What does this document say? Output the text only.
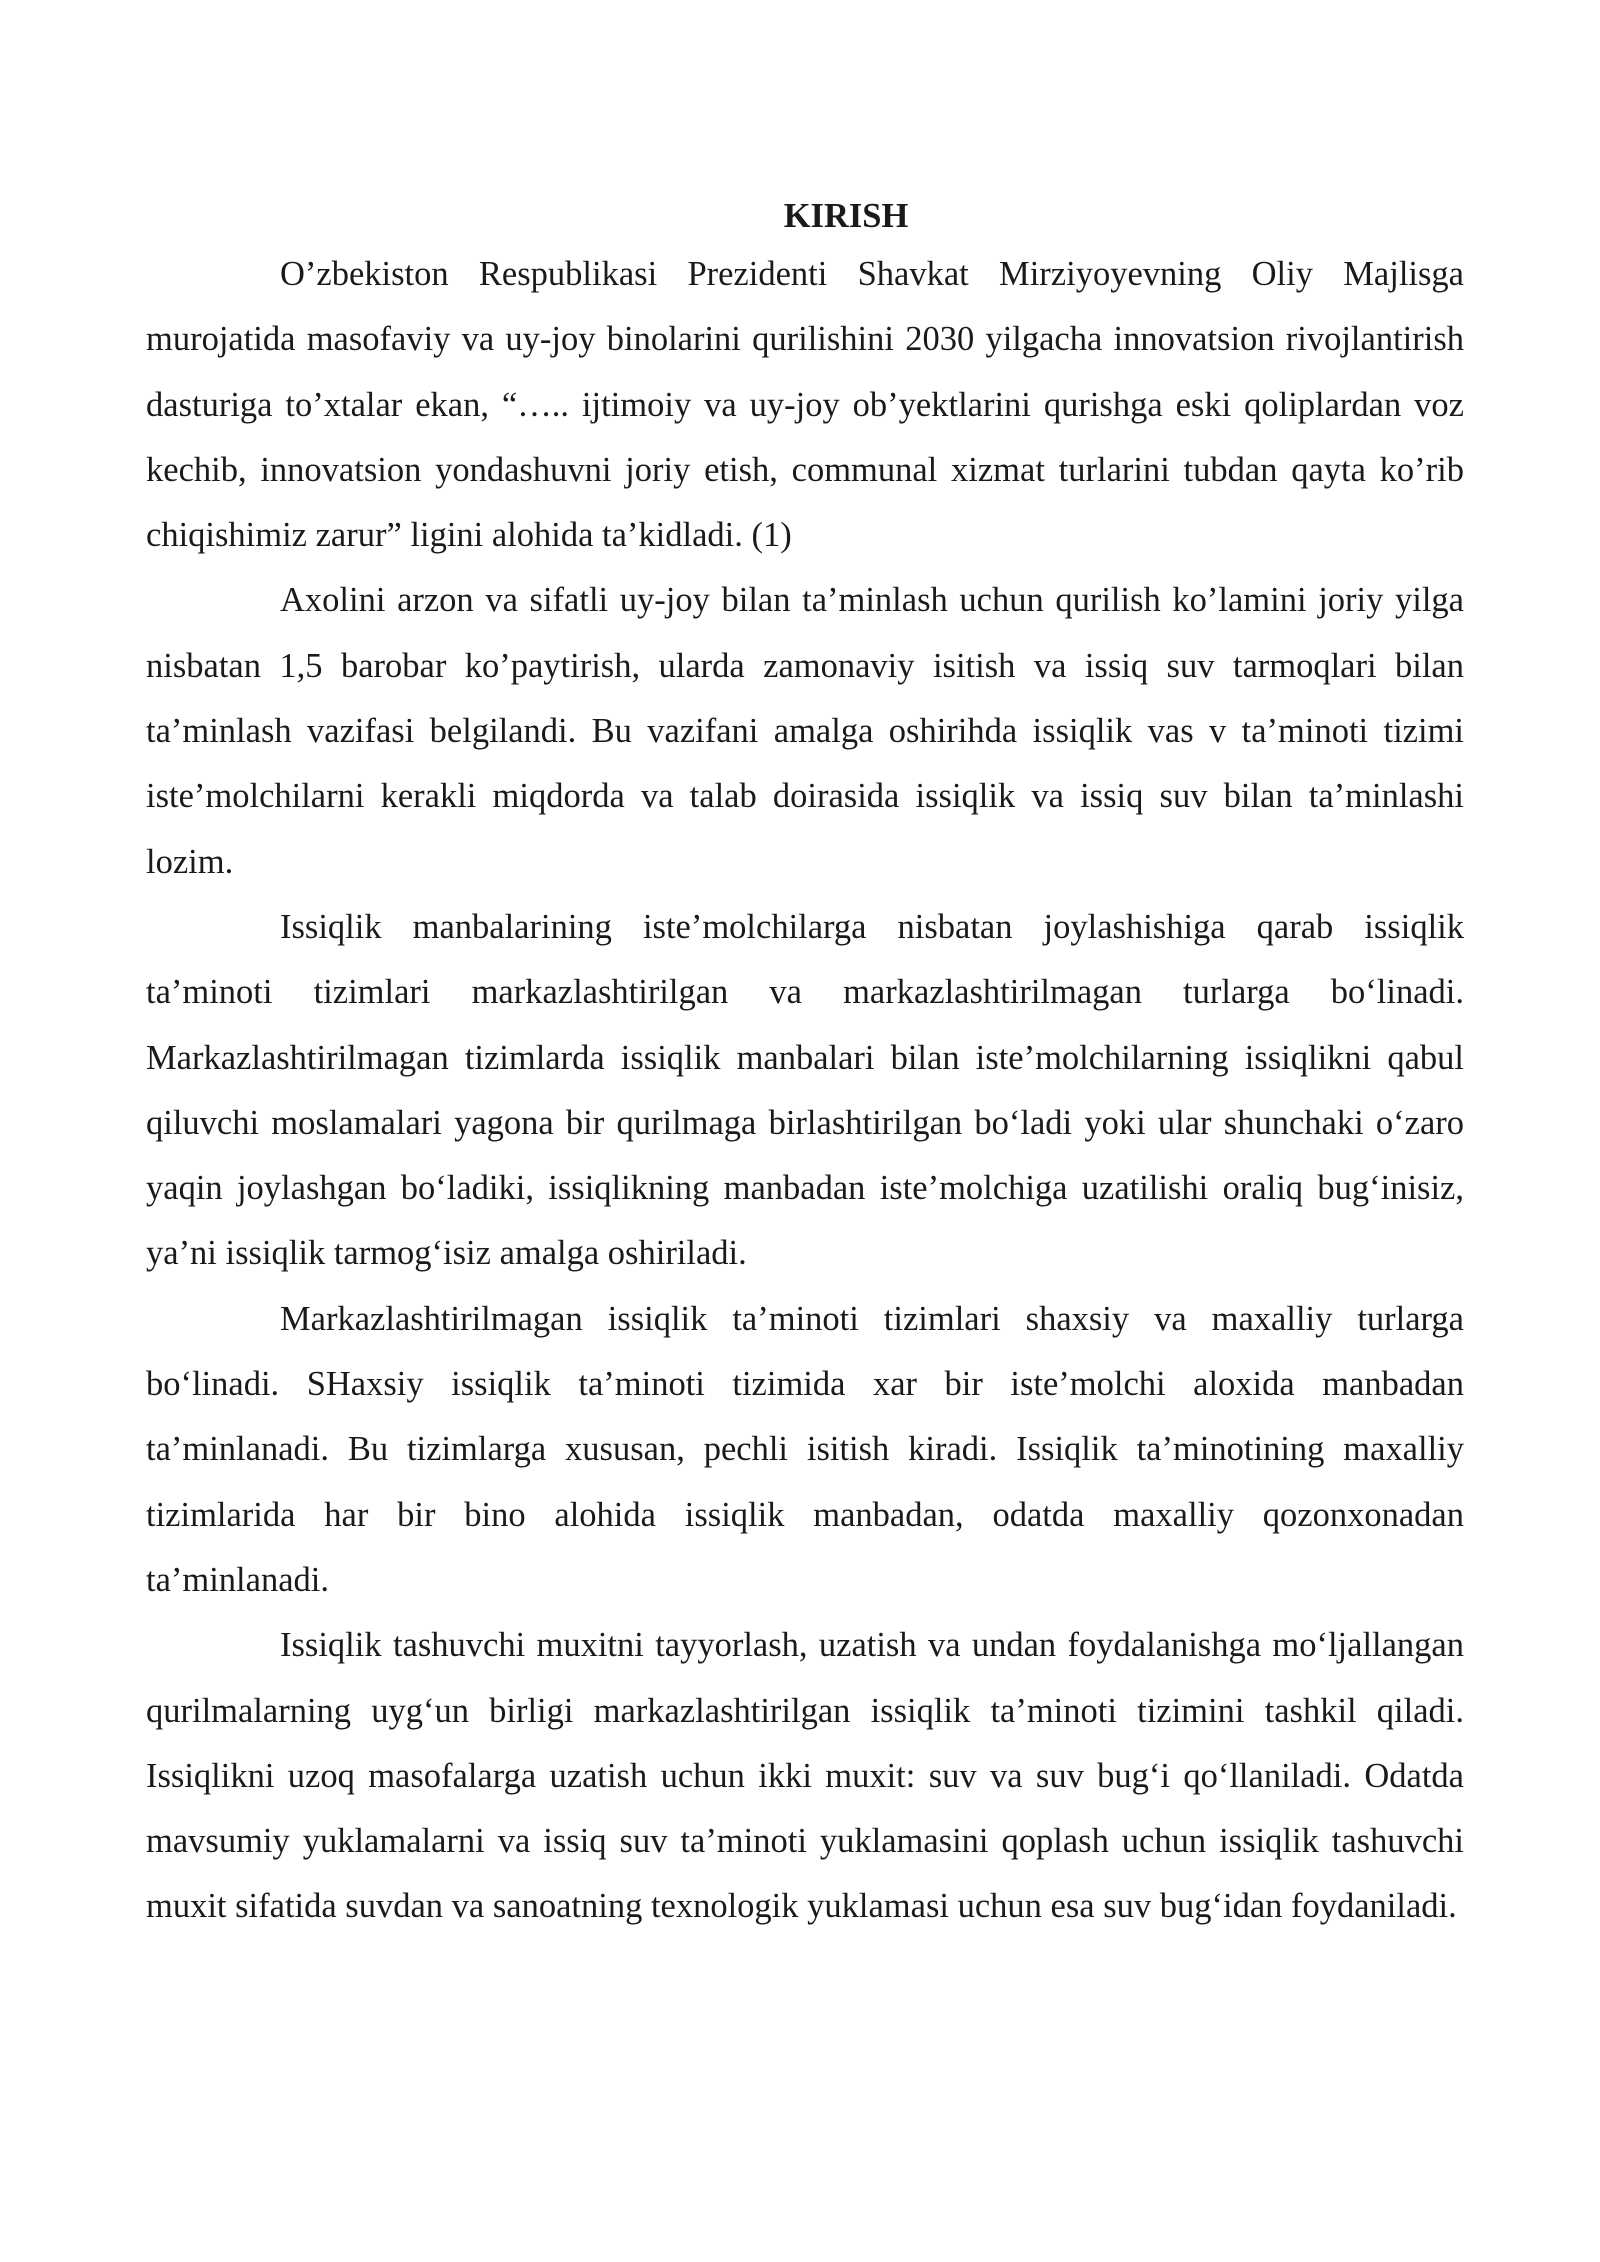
KIRISH

O’zbekiston Respublikasi Prezidenti Shavkat Mirziyoyevning Oliy Majlisga murojatida masofaviy va uy-joy binolarini qurilishini 2030 yilgacha innovatsion rivojlantirish dasturiga to’xtalar ekan, “….. ijtimoiy va uy-joy ob’yektlarini qurishga eski qoliplardan voz kechib, innovatsion yondashuvni joriy etish, communal xizmat turlarini tubdan qayta ko’rib chiqishimiz zarur” ligini alohida ta’kidladi. (1)

Axolini arzon va sifatli uy-joy bilan ta’minlash uchun qurilish ko’lamini joriy yilga nisbatan 1,5 barobar ko’paytirish, ularda zamonaviy isitish va issiq suv tarmoqlari bilan ta’minlash vazifasi belgilandi. Bu vazifani amalga oshirihda issiqlik vas v ta’minoti tizimi iste’molchilarni kerakli miqdorda va talab doirasida issiqlik va issiq suv bilan ta’minlashi lozim.

Issiqlik manbalarining iste’molchilarga nisbatan joylashishiga qarab issiqlik ta’minoti tizimlari markazlashtirilgan va markazlashtirilmagan turlarga bo‘linadi. Markazlashtirilmagan tizimlarda issiqlik manbalari bilan iste’molchilarning issiqlikni qabul qiluvchi moslamalari yagona bir qurilmaga birlashtirilgan bo‘ladi yoki ular shunchaki o‘zaro yaqin joylashgan bo‘ladiki, issiqlikning manbadan iste’molchiga uzatilishi oraliq bug‘inisiz, ya’ni issiqlik tarmog‘isiz amalga oshiriladi.

Markazlashtirilmagan issiqlik ta’minoti tizimlari shaxsiy va maxalliy turlarga bo‘linadi. SHaxsiy issiqlik ta’minoti tizimida xar bir iste’molchi aloxida manbadan ta’minlanadi. Bu tizimlarga xususan, pechli isitish kiradi. Issiqlik ta’minotining maxalliy tizimlarida har bir bino alohida issiqlik manbadan, odatda maxalliy qozonxonadan ta’minlanadi.

Issiqlik tashuvchi muxitni tayyorlash, uzatish va undan foydalanishga mo‘ljallangan qurilmalarning uyg‘un birligi markazlashtirilgan issiqlik ta’minoti tizimini tashkil qiladi. Issiqlikni uzoq masofalarga uzatish uchun ikki muxit: suv va suv bug‘i qo‘llaniladi. Odatda mavsumiy yuklamalarni va issiq suv ta’minoti yuklamasini qoplash uchun issiqlik tashuvchi muxit sifatida suvdan va sanoatning texnologik yuklamasi uchun esa suv bug‘idan foydaniladi.
